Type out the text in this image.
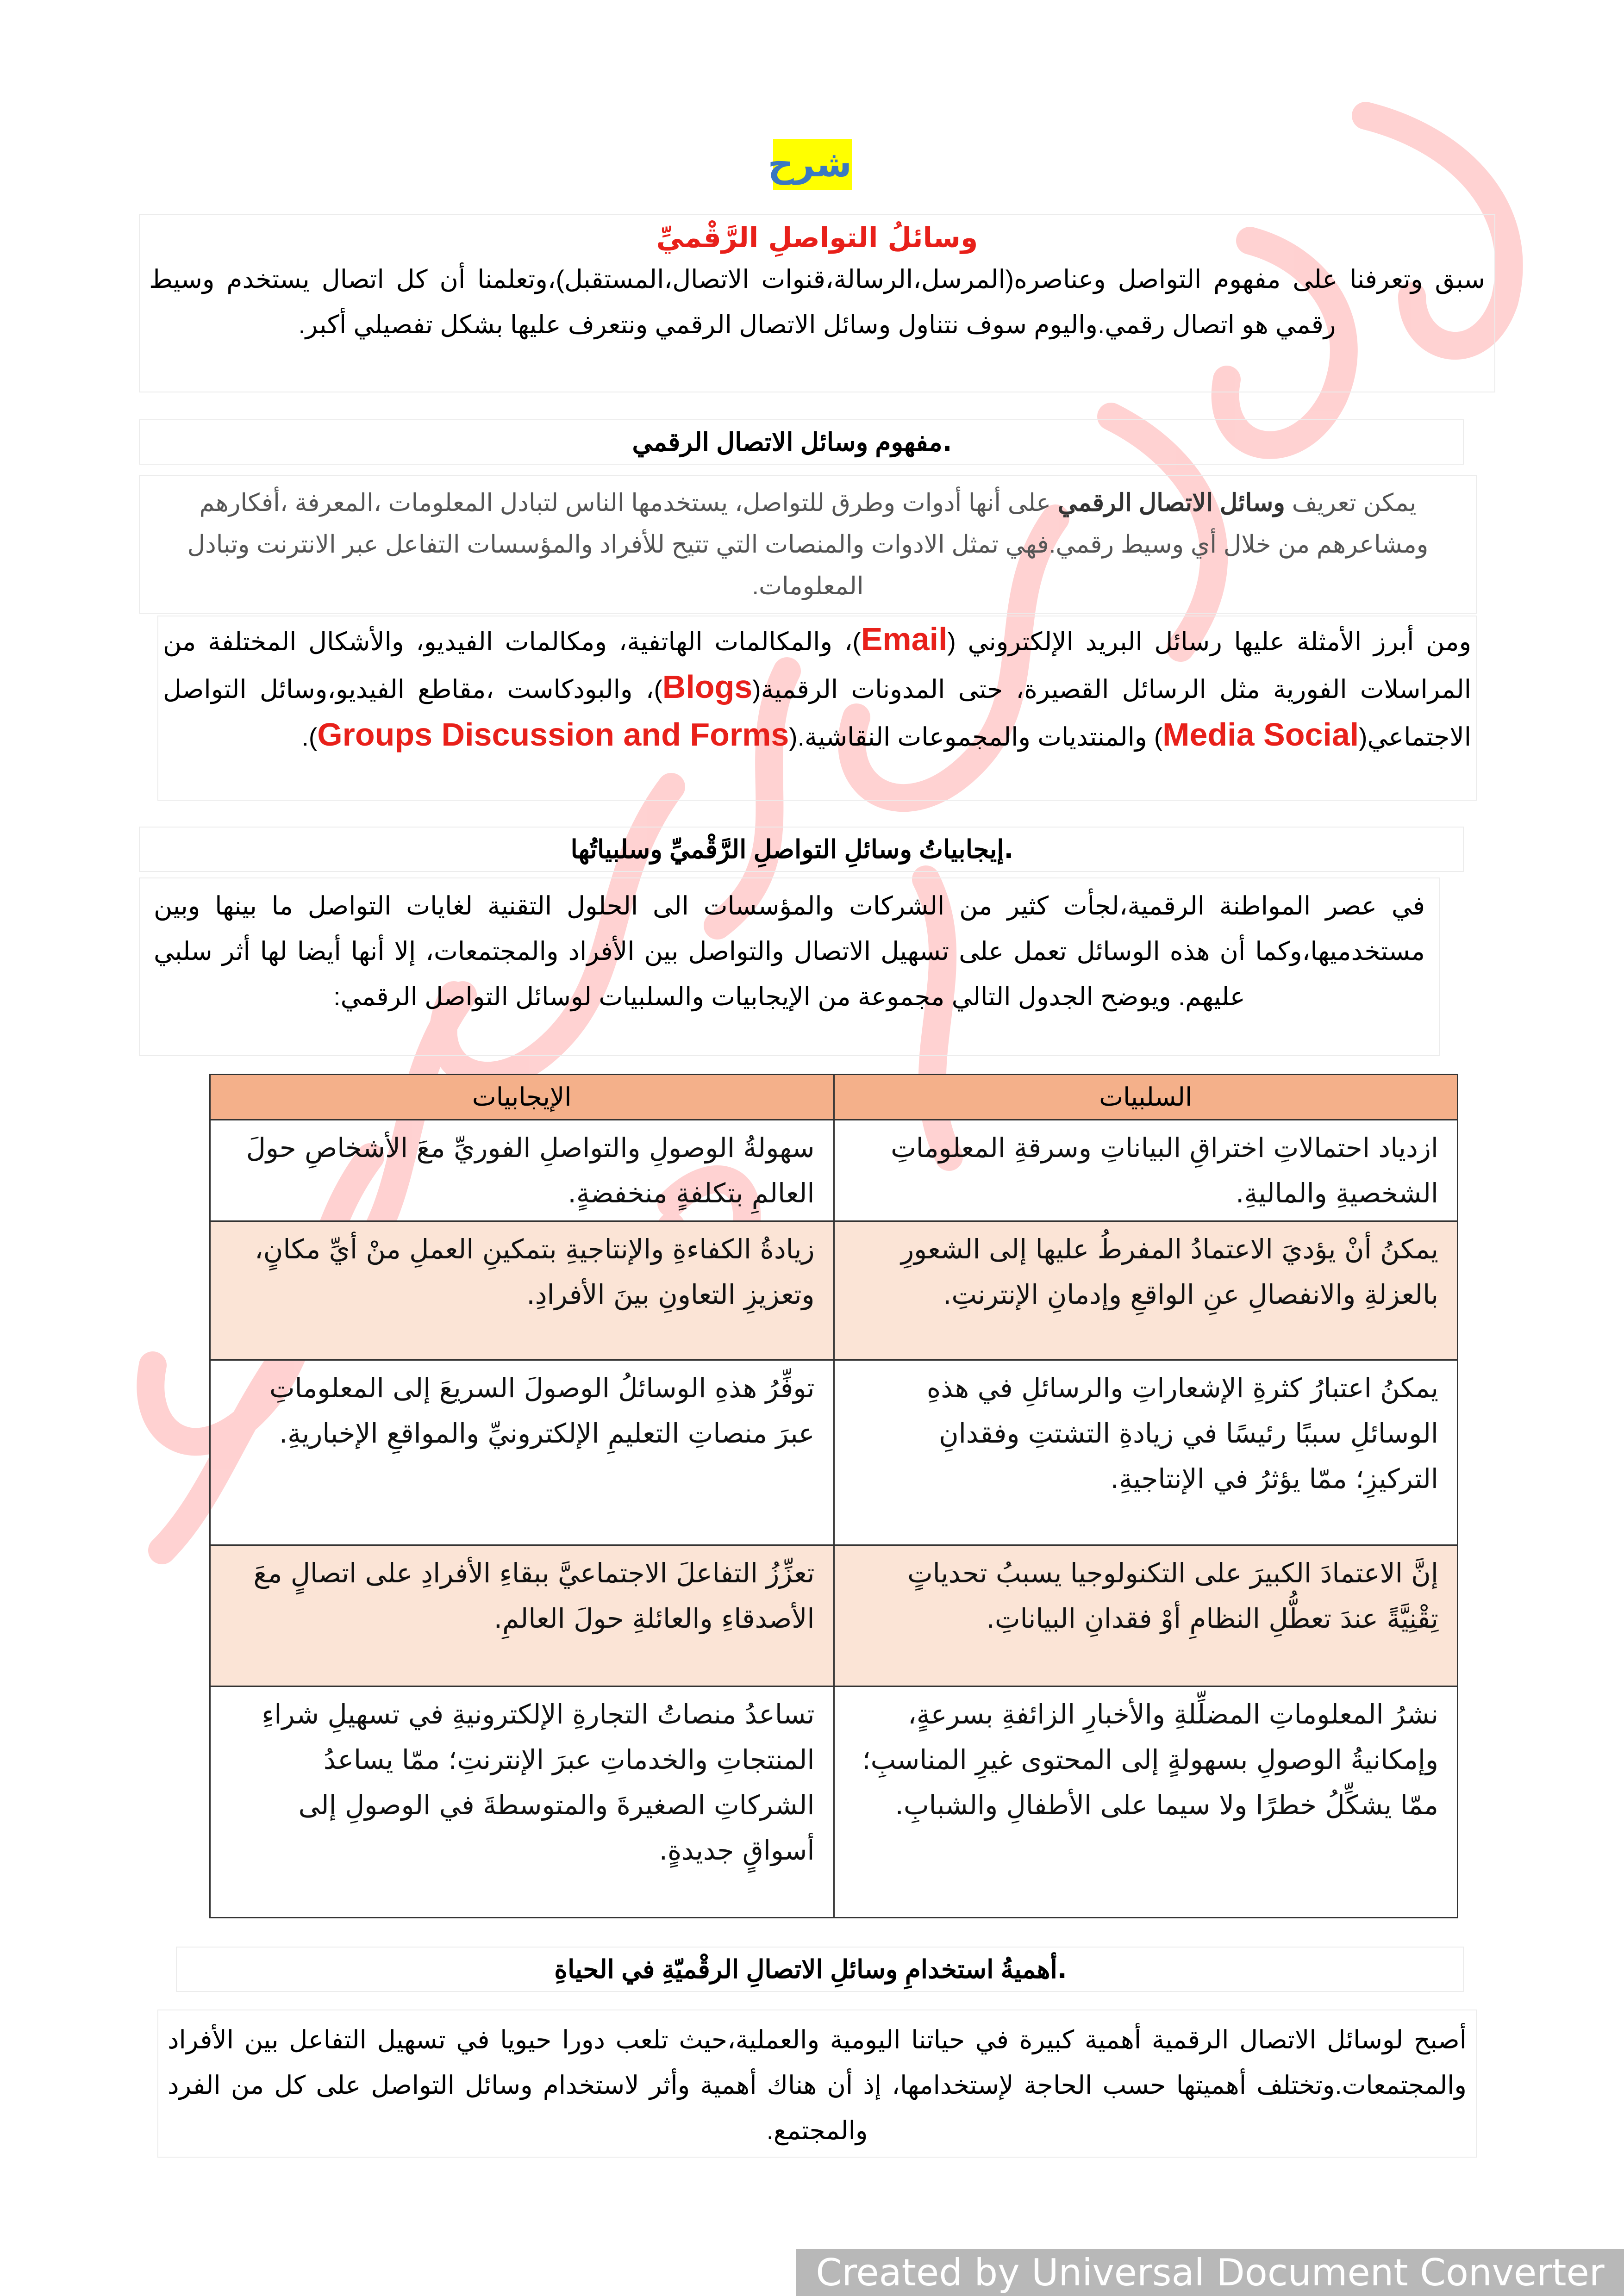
شرح
وسائلُ التواصلِ الرَّقْميِّ
سبق وتعرفنا على مفهوم التواصل وعناصره(المرسل،الرسالة،قنوات الاتصال،المستقبل)،وتعلمنا أن كل اتصال يستخدم وسيط رقمي هو اتصال رقمي.واليوم سوف نتناول وسائل الاتصال الرقمي ونتعرف عليها بشكل تفصيلي أكبر.
.
مفهوم وسائل الاتصال الرقمي
يمكن تعريف وسائل الاتصال الرقمي على أنها أدوات وطرق للتواصل، يستخدمها الناس لتبادل المعلومات ،المعرفة ،أفكارهم ومشاعرهم من خلال أي وسيط رقمي.فهي تمثل الادوات والمنصات التي تتيح للأفراد والمؤسسات التفاعل عبر الانترنت وتبادل المعلومات.
ومن أبرز الأمثلة عليها رسائل البريد الإلكتروني (Email)، والمكالمات الهاتفية، ومكالمات الفيديو، والأشكال المختلفة من المراسلات الفورية مثل الرسائل القصيرة، حتى المدونات الرقمية(Blogs)، والبودكاست ،مقاطع الفيديو،وسائل التواصل الاجتماعي(Media Social) والمنتديات والمجموعات النقاشية.(Groups Discussion and Forms).
.
إيجابياتُ وسائلِ التواصلِ الرَّقْميِّ وسلبياتُها
في عصر المواطنة الرقمية،لجأت كثير من الشركات والمؤسسات الى الحلول التقنية لغايات التواصل ما بينها وبين مستخدميها،وكما أن هذه الوسائل تعمل على تسهيل الاتصال والتواصل بين الأفراد والمجتمعات، إلا أنها أيضا لها أثر سلبي عليهم. ويوضح الجدول التالي مجموعة من الإيجابيات والسلبيات لوسائل التواصل الرقمي:
السلبيات	الإيجابيات
ازدياد احتمالاتِ اختراقِ البياناتِ وسرقةِ المعلوماتِ الشخصيةِ والماليةِ.	سهولةُ الوصولِ والتواصلِ الفوريِّ معَ الأشخاصِ حولَ العالمِ بتكلفةٍ منخفضةٍ.
يمكنُ أنْ يؤديَ الاعتمادُ المفرطُ عليها إلى الشعورِ بالعزلةِ والانفصالِ عنِ الواقعِ وإدمانِ الإنترنتِ.	زيادةُ الكفاءةِ والإنتاجيةِ بتمكينِ العملِ منْ أيِّ مكانٍ، وتعزيزِ التعاونِ بينَ الأفرادِ.
يمكنُ اعتبارُ كثرةِ الإشعاراتِ والرسائلِ في هذهِ الوسائلِ سببًا رئيسًا في زيادةِ التشتتِ وفقدانِ التركيزِ؛ ممّا يؤثرُ في الإنتاجيةِ.	توفِّرُ هذهِ الوسائلُ الوصولَ السريعَ إلى المعلوماتِ عبرَ منصاتِ التعليمِ الإلكترونيِّ والمواقعِ الإخباريةِ.
إنَّ الاعتمادَ الكبيرَ على التكنولوجيا يسببُ تحدياتٍ تِقْنِيَّةً عندَ تعطُّلِ النظامِ أوْ فقدانِ البياناتِ.	تعزِّزُ التفاعلَ الاجتماعيَّ ببقاءِ الأفرادِ على اتصالٍ معَ الأصدقاءِ والعائلةِ حولَ العالمِ.
نشرُ المعلوماتِ المضلِّلةِ والأخبارِ الزائفةِ بسرعةٍ، وإمكانيةُ الوصولِ بسهولةٍ إلى المحتوى غيرِ المناسبِ؛ ممّا يشكِّلُ خطرًا ولا سيما على الأطفالِ والشبابِ.	تساعدُ منصاتُ التجارةِ الإلكترونيةِ في تسهيلِ شراءِ المنتجاتِ والخدماتِ عبرَ الإنترنتِ؛ ممّا يساعدُ الشركاتِ الصغيرةَ والمتوسطةَ في الوصولِ إلى أسواقٍ جديدةٍ.
.
أهميةُ استخدامِ وسائلِ الاتصالِ الرقْميّةِ في الحياةِ
أصبح لوسائل الاتصال الرقمية أهمية كبيرة في حياتنا اليومية والعملية،حيث تلعب دورا حيويا في تسهيل التفاعل بين الأفراد والمجتمعات.وتختلف أهميتها حسب الحاجة لإستخدامها، إذ أن هناك أهمية وأثر لاستخدام وسائل التواصل على كل من الفرد والمجتمع.
Created by Universal Document Converter
